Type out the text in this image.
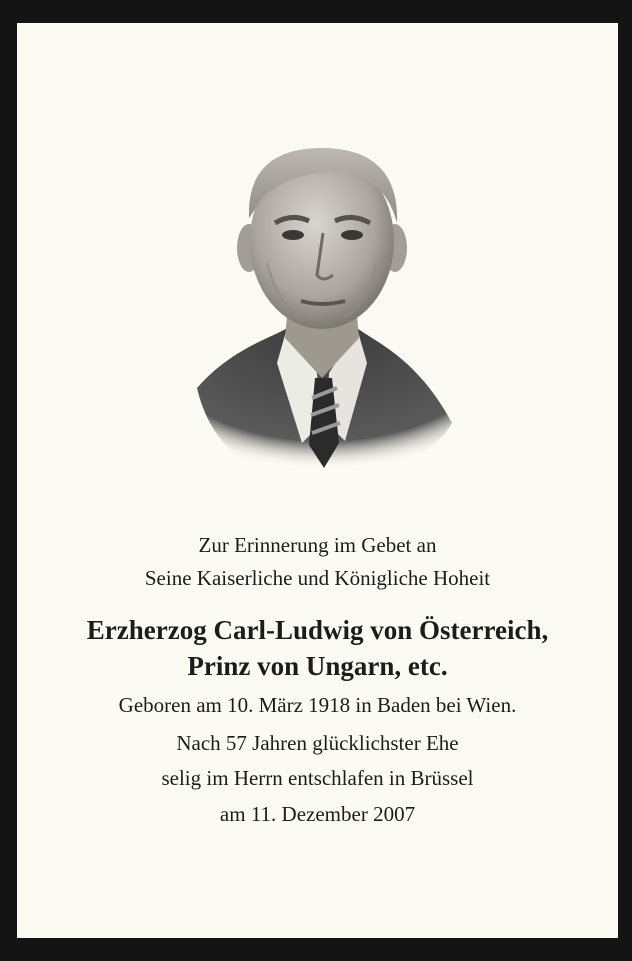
Zur Erinnerung im Gebet an

Seine Kaiserliche und Königliche Hoheit

Erzherzog Carl-Ludwig von Österreich,

Prinz von Ungarn, etc.

Geboren am 10. März 1918 in Baden bei Wien.

Nach 57 Jahren glücklichster Ehe

selig im Herrn entschlafen in Brüssel

am 11. Dezember 2007
